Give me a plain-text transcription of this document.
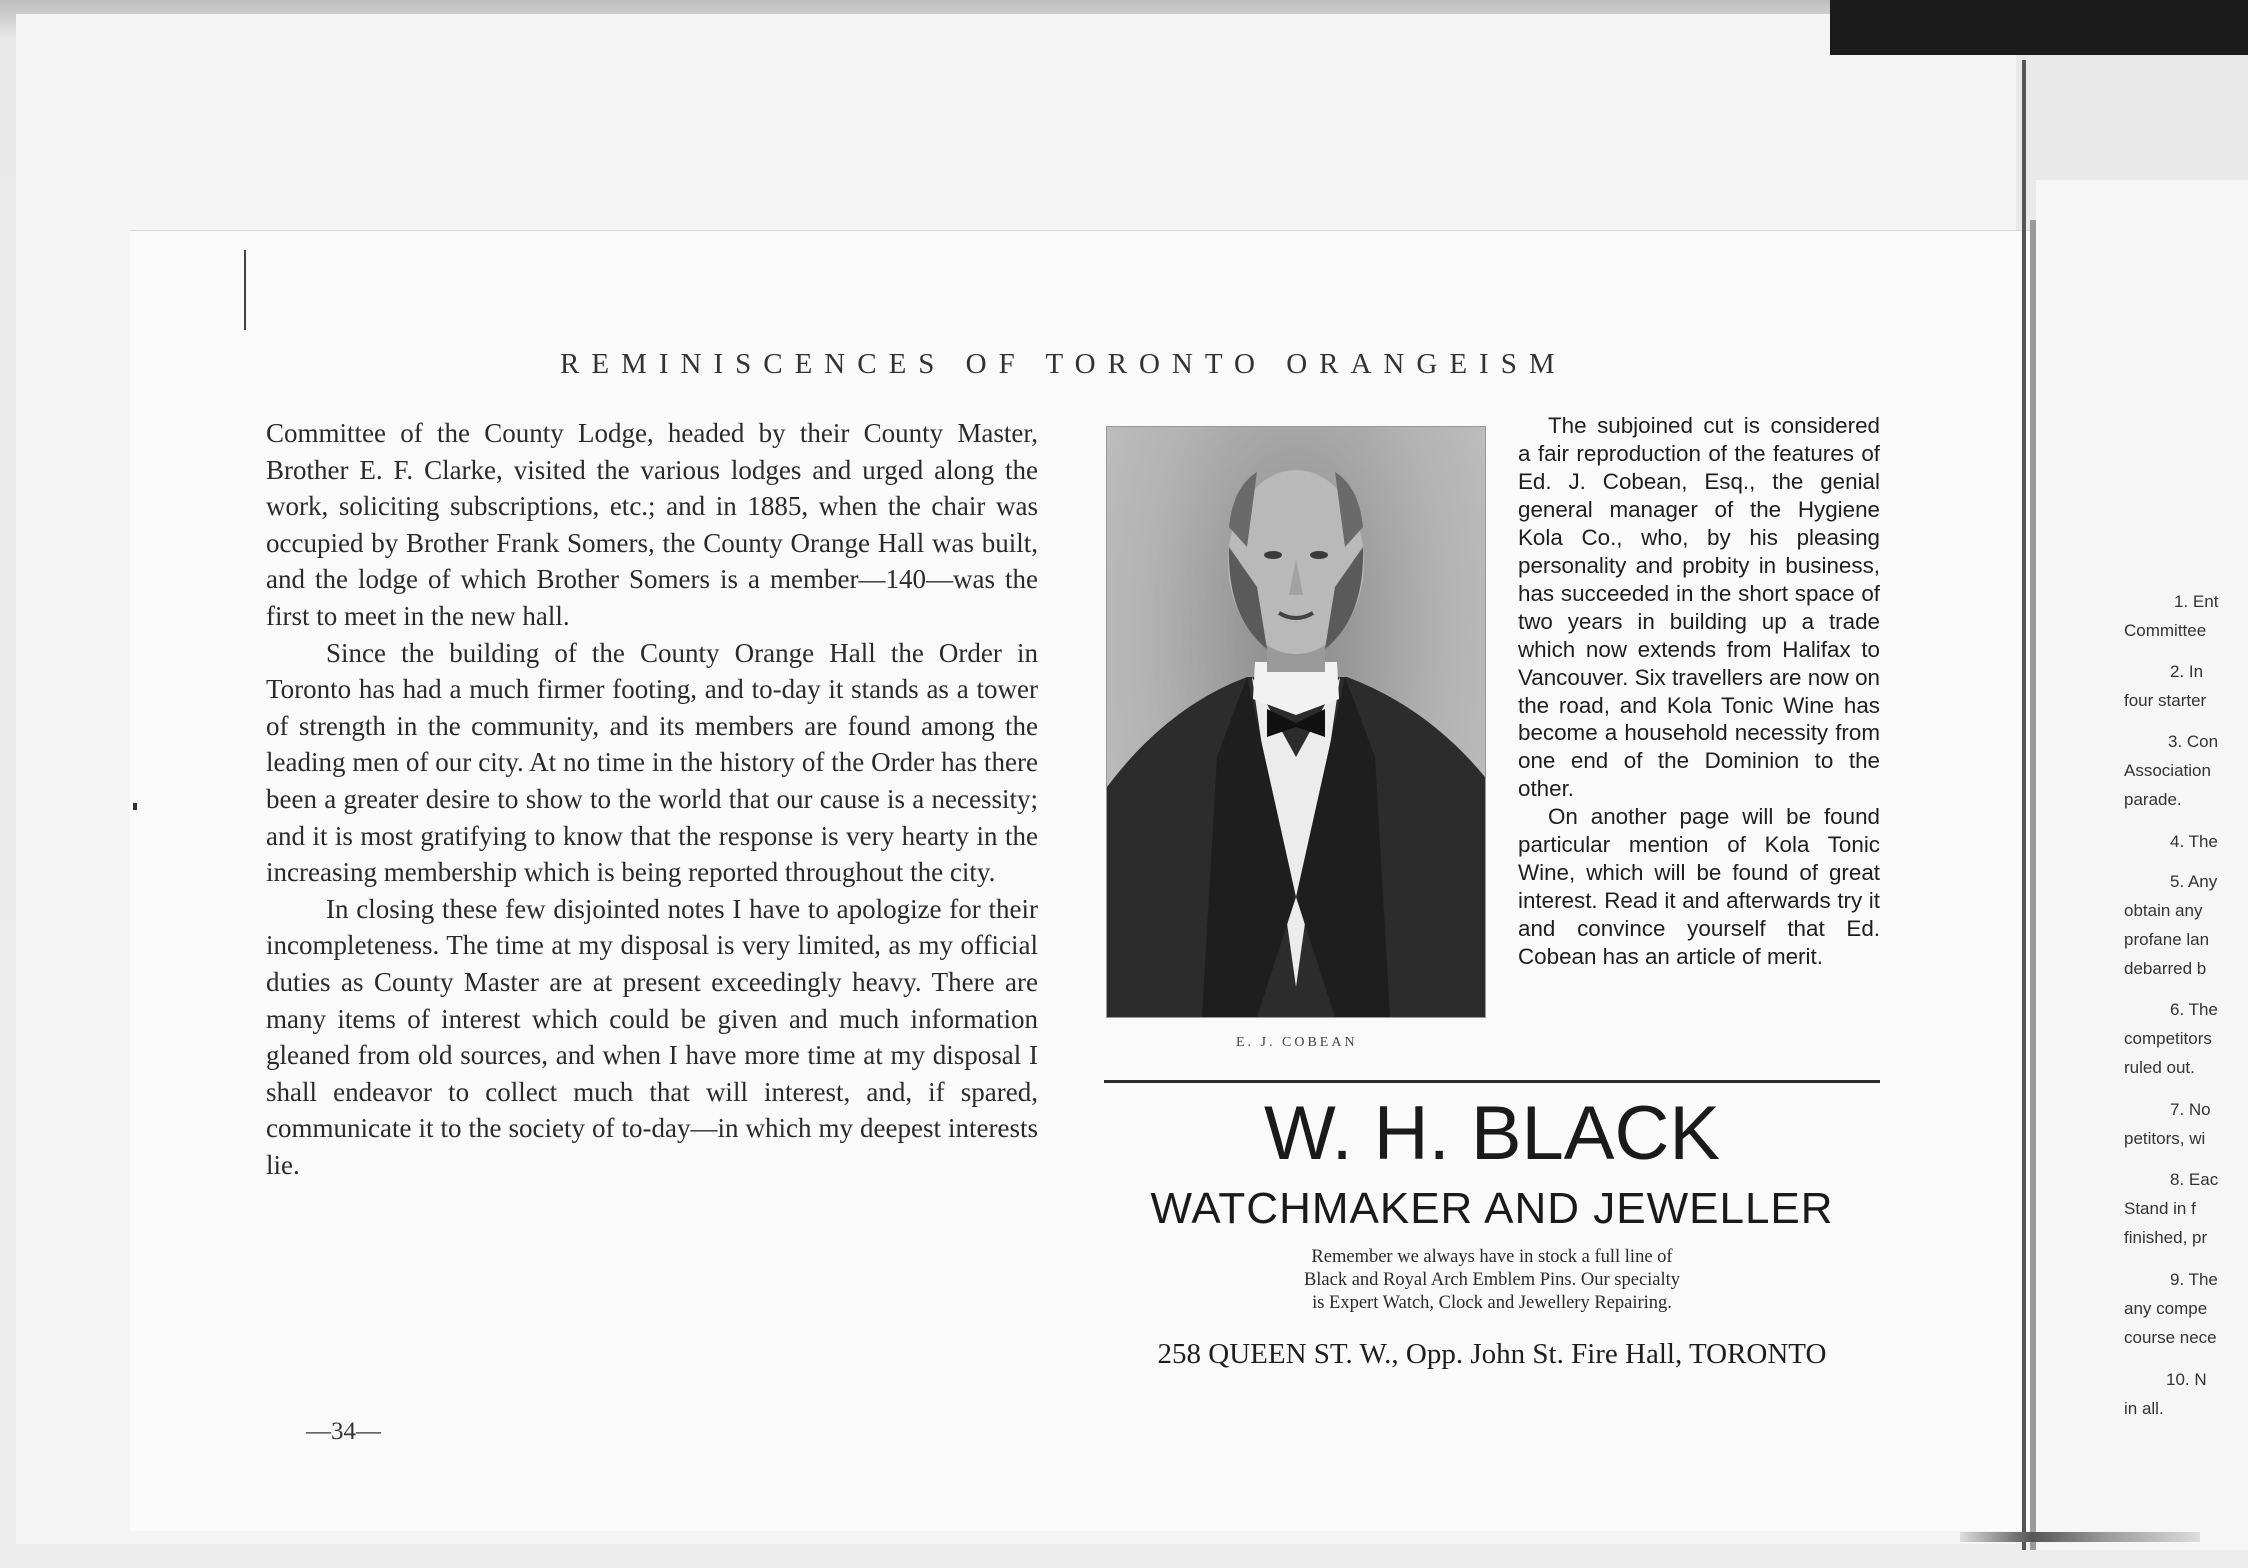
REMINISCENCES OF TORONTO ORANGEISM

Committee of the County Lodge, headed by their County Master, Brother E. F. Clarke, visited the various lodges and urged along the work, soliciting subscriptions, etc.; and in 1885, when the chair was occupied by Brother Frank Somers, the County Orange Hall was built, and the lodge of which Brother Somers is a member—140—was the first to meet in the new hall.

Since the building of the County Orange Hall the Order in Toronto has had a much firmer footing, and to-day it stands as a tower of strength in the community, and its members are found among the leading men of our city. At no time in the history of the Order has there been a greater desire to show to the world that our cause is a necessity; and it is most gratifying to know that the response is very hearty in the increasing membership which is being reported throughout the city.

In closing these few disjointed notes I have to apologize for their incompleteness. The time at my disposal is very limited, as my official duties as County Master are at present exceedingly heavy. There are many items of interest which could be given and much information gleaned from old sources, and when I have more time at my disposal I shall endeavor to collect much that will interest, and, if spared, communicate it to the society of to-day—in which my deepest interests lie.

—34—
E. J. COBEAN

The subjoined cut is considered a fair reproduction of the features of Ed. J. Cobean, Esq., the genial general manager of the Hygiene Kola Co., who, by his pleasing personality and probity in business, has succeeded in the short space of two years in building up a trade which now extends from Halifax to Vancouver. Six travellers are now on the road, and Kola Tonic Wine has become a household necessity from one end of the Dominion to the other.

On another page will be found particular mention of Kola Tonic Wine, which will be found of great interest. Read it and afterwards try it and convince yourself that Ed. Cobean has an article of merit.

W. H. BLACK
WATCHMAKER AND JEWELLER
Remember we always have in stock a full line of
Black and Royal Arch Emblem Pins. Our specialty
is Expert Watch, Clock and Jewellery Repairing.
258 QUEEN ST. W., Opp. John St. Fire Hall, TORONTO
1. Ent
Committee
2. In
four starter
3. Con
Association
parade.
4. The
5. Any
obtain any
profane lan
debarred b
6. The
competitors
ruled out.
7. No
petitors, wi
8. Eac
Stand in f
finished, pr
9. The
any compe
course nece
10. N
in all.
